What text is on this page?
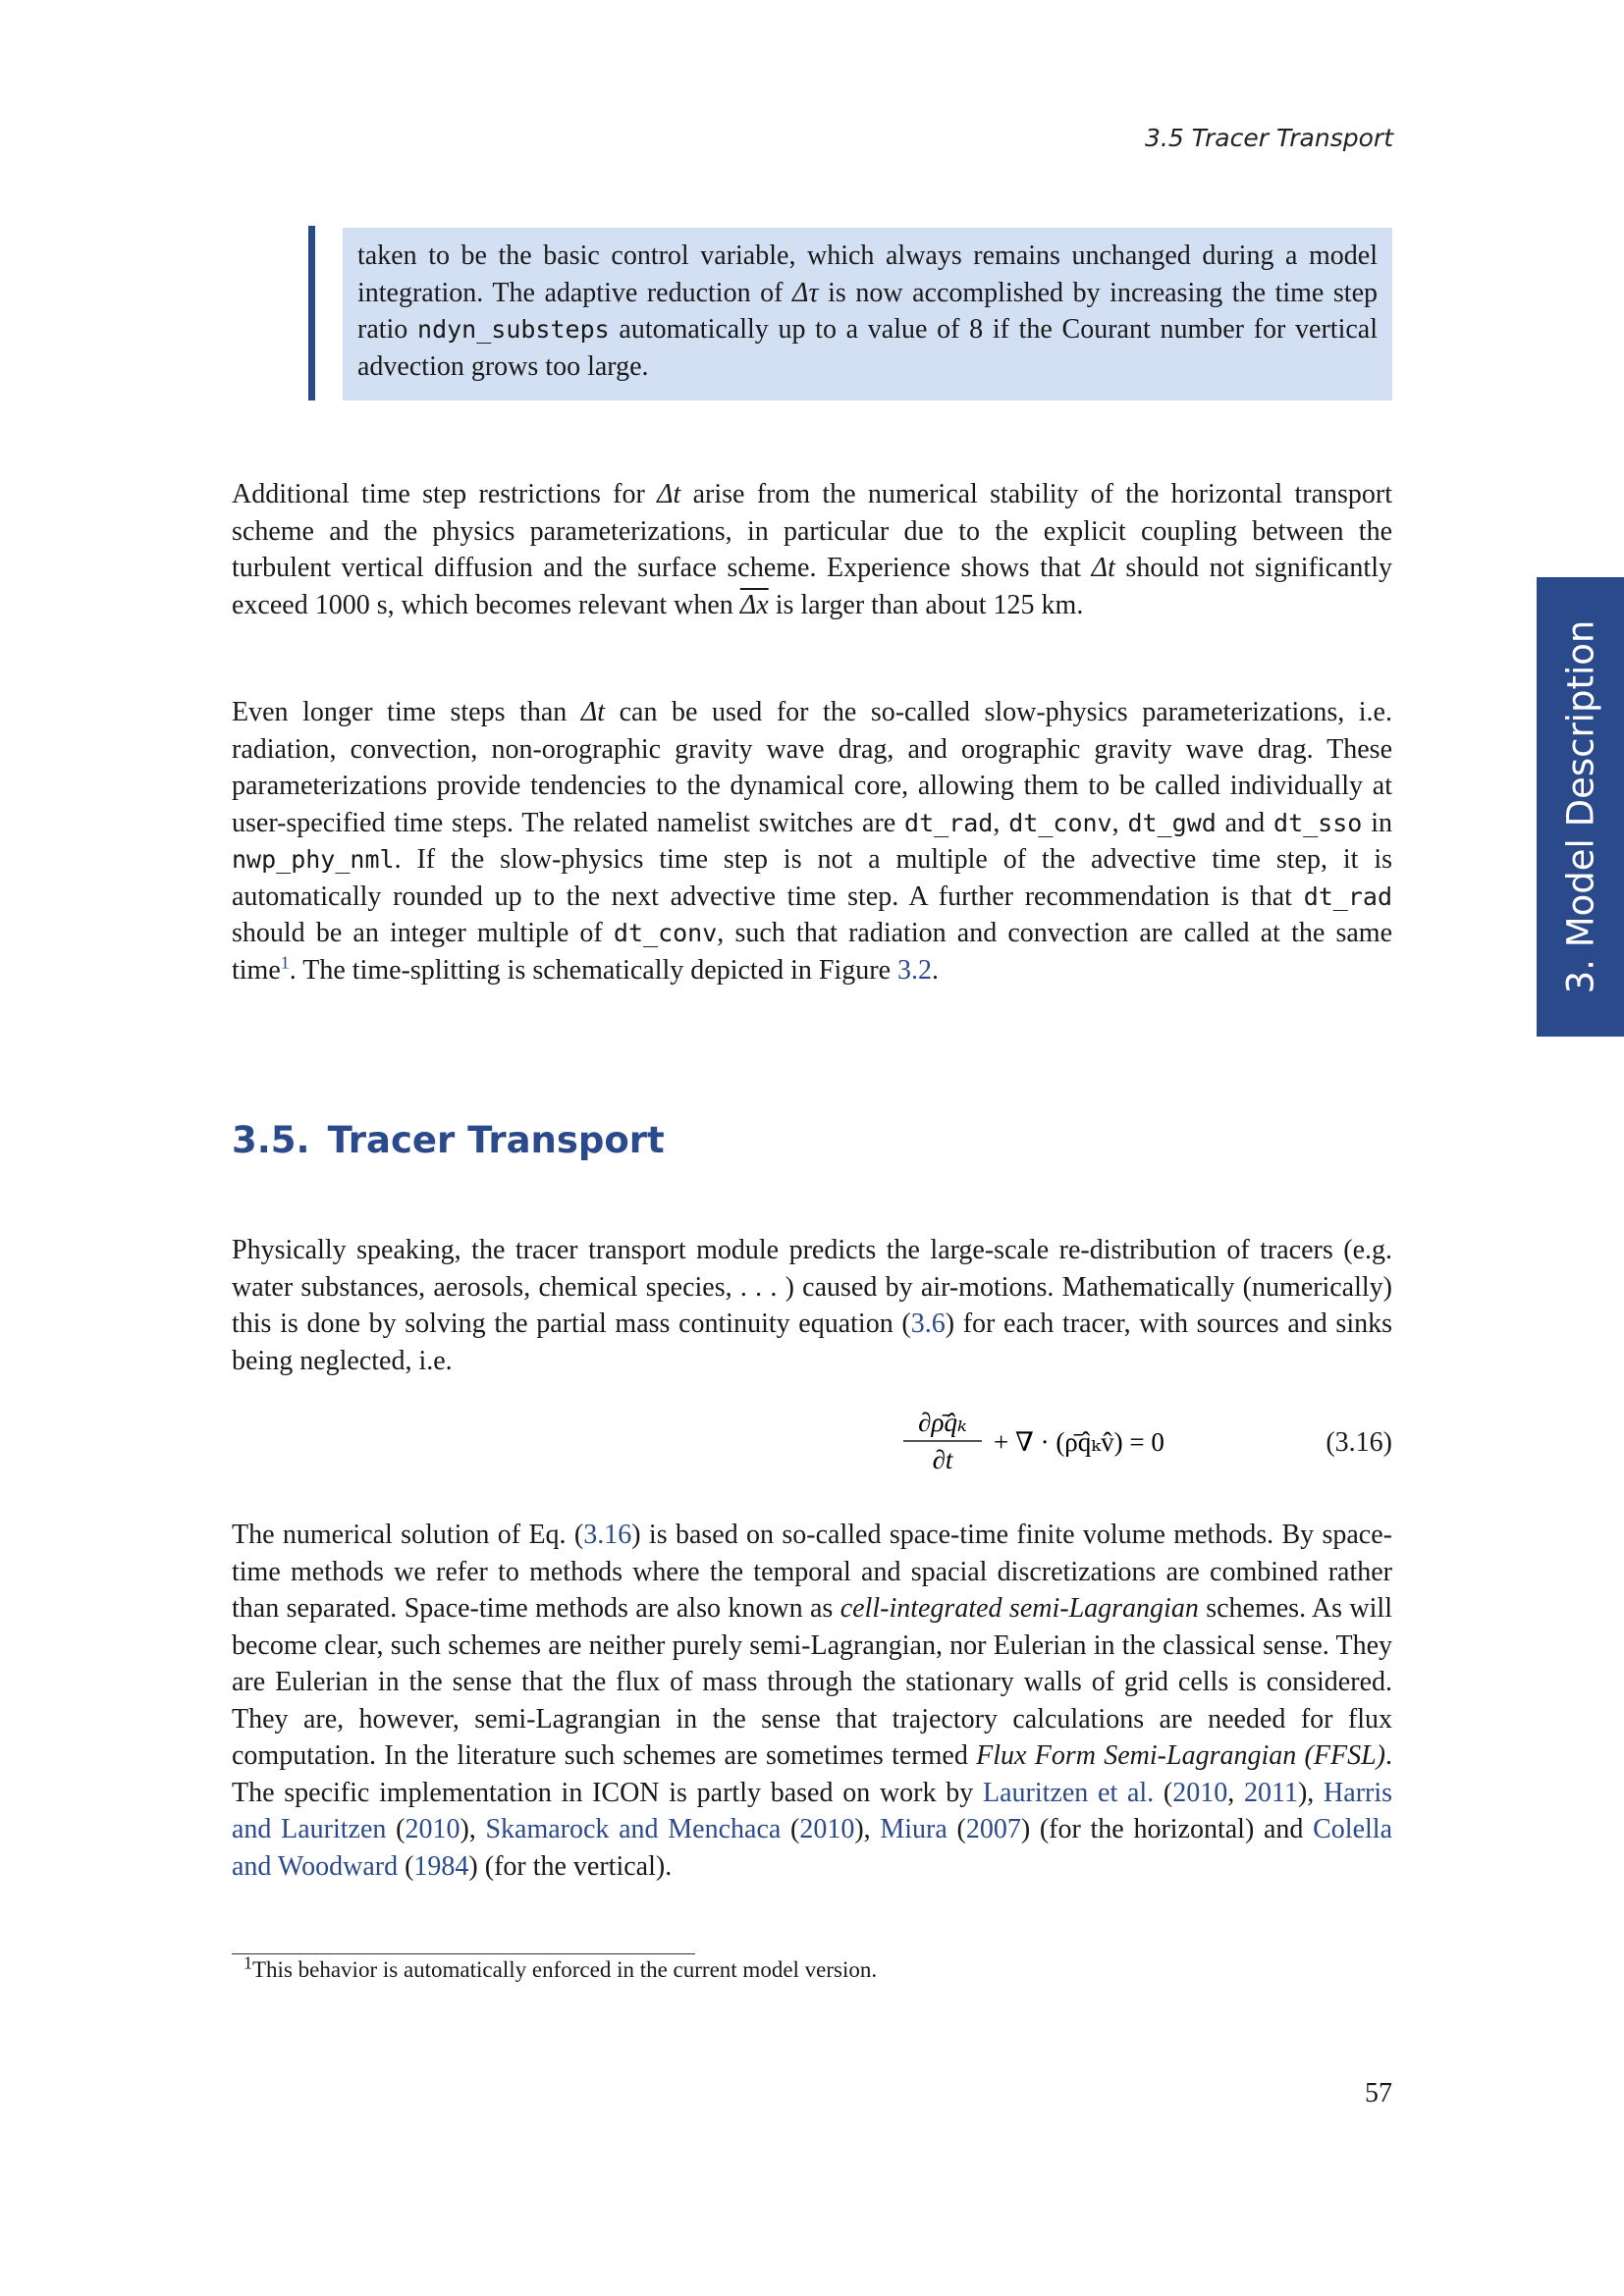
3.5 Tracer Transport
3. Model Description
taken to be the basic control variable, which always remains unchanged during a model integration. The adaptive reduction of Δτ is now accomplished by increasing the time step ratio ndyn_substeps automatically up to a value of 8 if the Courant number for vertical advection grows too large.

Additional time step restrictions for Δt arise from the numerical stability of the horizontal transport scheme and the physics parameterizations, in particular due to the explicit coupling between the turbulent vertical diffusion and the surface scheme. Experience shows that Δt should not significantly exceed 1000 s, which becomes relevant when $\overline{\Delta x}$ is larger than about 125 km.

Even longer time steps than Δt can be used for the so-called slow-physics parameterizations, i.e. radiation, convection, non-orographic gravity wave drag, and orographic gravity wave drag. These parameterizations provide tendencies to the dynamical core, allowing them to be called individually at user-specified time steps. The related namelist switches are dt_rad, dt_conv, dt_gwd and dt_sso in nwp_phy_nml. If the slow-physics time step is not a multiple of the advective time step, it is automatically rounded up to the next advective time step. A further recommendation is that dt_rad should be an integer multiple of dt_conv, such that radiation and convection are called at the same time$^1$. The time-splitting is schematically depicted in Figure 3.2.

3.5. Tracer Transport

Physically speaking, the tracer transport module predicts the large-scale re-distribution of tracers (e.g. water substances, aerosols, chemical species, . . . ) caused by air-motions. Mathematically (numerically) this is done by solving the partial mass continuity equation (3.6) for each tracer, with sources and sinks being neglected, i.e.

∂ρ̄q̂ₖ
∂t
+ ∇ · (ρ̄q̂ₖv̂) = 0	(3.16)

The numerical solution of Eq. (3.16) is based on so-called space-time finite volume methods. By space-time methods we refer to methods where the temporal and spacial discretizations are combined rather than separated. Space-time methods are also known as cell-integrated semi-Lagrangian schemes. As will become clear, such schemes are neither purely semi-Lagrangian, nor Eulerian in the classical sense. They are Eulerian in the sense that the flux of mass through the stationary walls of grid cells is considered. They are, however, semi-Lagrangian in the sense that trajectory calculations are needed for flux computation. In the literature such schemes are sometimes termed Flux Form Semi-Lagrangian (FFSL). The specific implementation in ICON is partly based on work by Lauritzen et al. (2010, 2011), Harris and Lauritzen (2010), Skamarock and Menchaca (2010), Miura (2007) (for the horizontal) and Colella and Woodward (1984) (for the vertical).

$^1$This behavior is automatically enforced in the current model version.

57
